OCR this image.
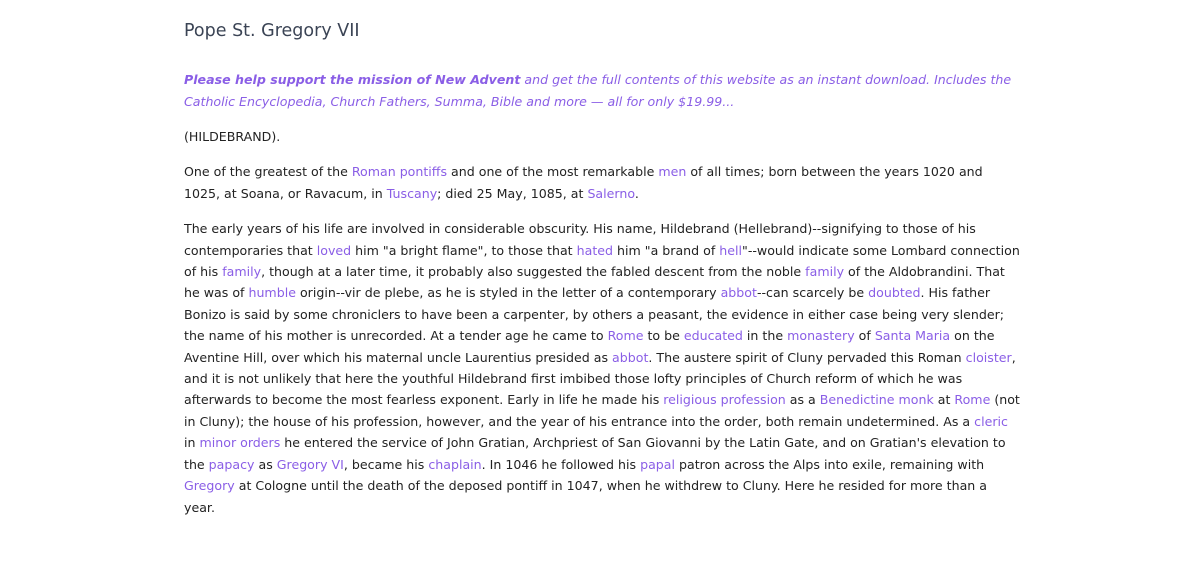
Pope St. Gregory VII

Please help support the mission of New Advent and get the full contents of this website as an instant download. Includes the Catholic Encyclopedia, Church Fathers, Summa, Bible and more — all for only $19.99...

(HILDEBRAND).

One of the greatest of the Roman pontiffs and one of the most remarkable men of all times; born between the years 1020 and 1025, at Soana, or Ravacum, in Tuscany; died 25 May, 1085, at Salerno.

The early years of his life are involved in considerable obscurity. His name, Hildebrand (Hellebrand)--signifying to those of his contemporaries that loved him "a bright flame", to those that hated him "a brand of hell"--would indicate some Lombard connection of his family, though at a later time, it probably also suggested the fabled descent from the noble family of the Aldobrandini. That he was of humble origin--vir de plebe, as he is styled in the letter of a contemporary abbot--can scarcely be doubted. His father Bonizo is said by some chroniclers to have been a carpenter, by others a peasant, the evidence in either case being very slender; the name of his mother is unrecorded. At a tender age he came to Rome to be educated in the monastery of Santa Maria on the Aventine Hill, over which his maternal uncle Laurentius presided as abbot. The austere spirit of Cluny pervaded this Roman cloister, and it is not unlikely that here the youthful Hildebrand first imbibed those lofty principles of Church reform of which he was afterwards to become the most fearless exponent. Early in life he made his religious profession as a Benedictine monk at Rome (not in Cluny); the house of his profession, however, and the year of his entrance into the order, both remain undetermined. As a cleric in minor orders he entered the service of John Gratian, Archpriest of San Giovanni by the Latin Gate, and on Gratian's elevation to the papacy as Gregory VI, became his chaplain. In 1046 he followed his papal patron across the Alps into exile, remaining with Gregory at Cologne until the death of the deposed pontiff in 1047, when he withdrew to Cluny. Here he resided for more than a year.
